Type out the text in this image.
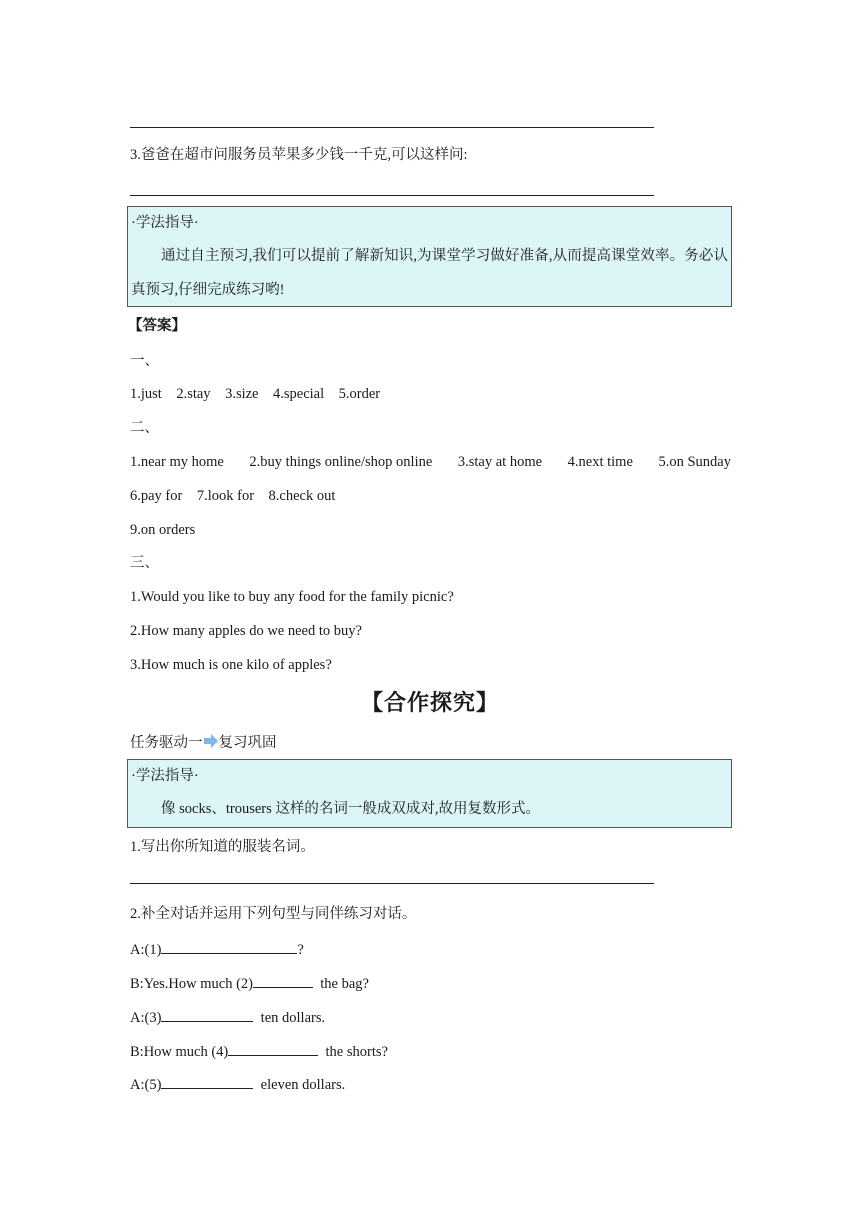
3.爸爸在超市问服务员苹果多少钱一千克,可以这样问:
·学法指导·
通过自主预习,我们可以提前了解新知识,为课堂学习做好准备,从而提高课堂效率。务必认真预习,仔细完成练习哟!
【答案】
一、
1.just 2.stay 3.size 4.special 5.order
二、
1.near my home 2.buy things online/shop online 3.stay at home 4.next time 5.on Sunday
6.pay for 7.look for 8.check out
9.on orders
三、
1.Would you like to buy any food for the family picnic?
2.How many apples do we need to buy?
3.How much is one kilo of apples?
【合作探究】
任务驱动一 复习巩固
·学法指导·
像 socks、trousers 这样的名词一般成双成对,故用复数形式。
1.写出你所知道的服装名词。
2.补全对话并运用下列句型与同伴练习对话。
A:(1)	?
B:Yes.How much (2)	the bag?
A:(3)	ten dollars.
B:How much (4)	the shorts?
A:(5)	eleven dollars.
